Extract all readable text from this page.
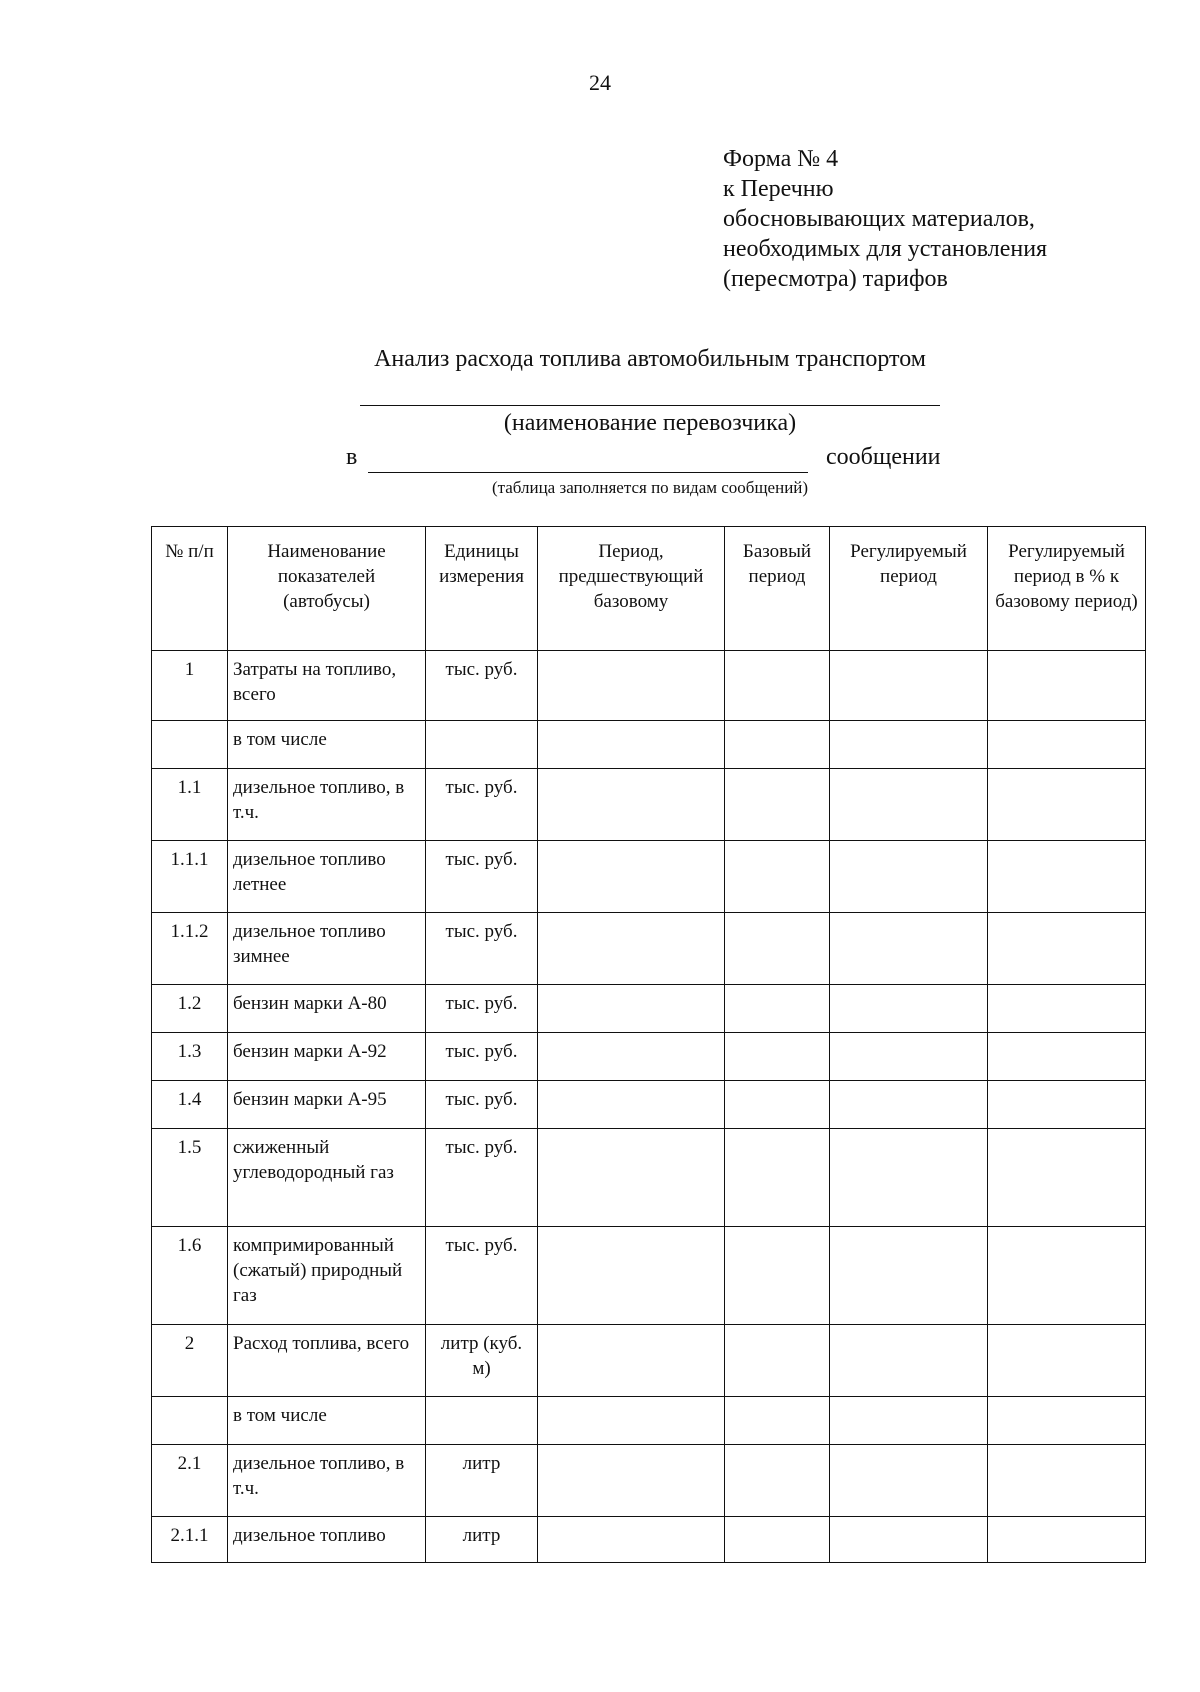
24
Форма № 4
к Перечню
обосновывающих материалов,
необходимых для установления
(пересмотра) тарифов
Анализ расхода топлива автомобильным транспортом
(наименование перевозчика)
в	сообщении
(таблица заполняется по видам сообщений)
№ п/п	Наименование показателей (автобусы)	Единицы измерения	Период, предшествующий базовому	Базовый период	Регулируемый период	Регулируемый период в % к базовому период)
1	Затраты на топливо, всего	тыс. руб.				
	в том числе					
1.1	дизельное топливо, в т.ч.	тыс. руб.				
1.1.1	дизельное топливо летнее	тыс. руб.				
1.1.2	дизельное топливо зимнее	тыс. руб.				
1.2	бензин марки А-80	тыс. руб.				
1.3	бензин марки А-92	тыс. руб.				
1.4	бензин марки А-95	тыс. руб.				
1.5	сжиженный углеводородный газ	тыс. руб.				
1.6	компримированный (сжатый) природный газ	тыс. руб.				
2	Расход топлива, всего	литр (куб. м)				
	в том числе					
2.1	дизельное топливо, в т.ч.	литр				
2.1.1	дизельное топливо	литр				
